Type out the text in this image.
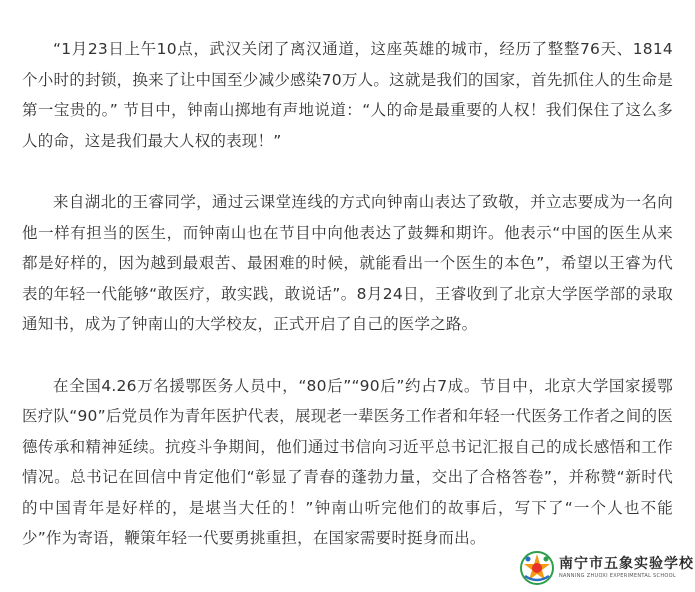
“1月23日上午10点，武汉关闭了离汉通道，这座英雄的城市，经历了整整76天、1814个小时的封锁，换来了让中国至少减少感染70万人。这就是我们的国家，首先抓住人的生命是第一宝贵的。” 节目中，钟南山掷地有声地说道：“人的命是最重要的人权！我们保住了这么多人的命，这是我们最大人权的表现！”

来自湖北的王睿同学，通过云课堂连线的方式向钟南山表达了致敬，并立志要成为一名向他一样有担当的医生，而钟南山也在节目中向他表达了鼓舞和期许。他表示“中国的医生从来都是好样的，因为越到最艰苦、最困难的时候，就能看出一个医生的本色”，希望以王睿为代表的年轻一代能够“敢医疗，敢实践，敢说话”。8月24日，王睿收到了北京大学医学部的录取通知书，成为了钟南山的大学校友，正式开启了自己的医学之路。

在全国4.26万名援鄂医务人员中，“80后”“90后”约占7成。节目中，北京大学国家援鄂医疗队“90”后党员作为青年医护代表，展现老一辈医务工作者和年轻一代医务工作者之间的医德传承和精神延续。抗疫斗争期间，他们通过书信向习近平总书记汇报自己的成长感悟和工作情况。总书记在回信中肯定他们“彰显了青春的蓬勃力量，交出了合格答卷”，并称赞“新时代的中国青年是好样的，是堪当大任的！”钟南山听完他们的故事后，写下了“一个人也不能少”作为寄语，鞭策年轻一代要勇挑重担，在国家需要时挺身而出。

南宁市五象实验学校
NANNING ZHUOXI EXPERIMENTAL SCHOOL
